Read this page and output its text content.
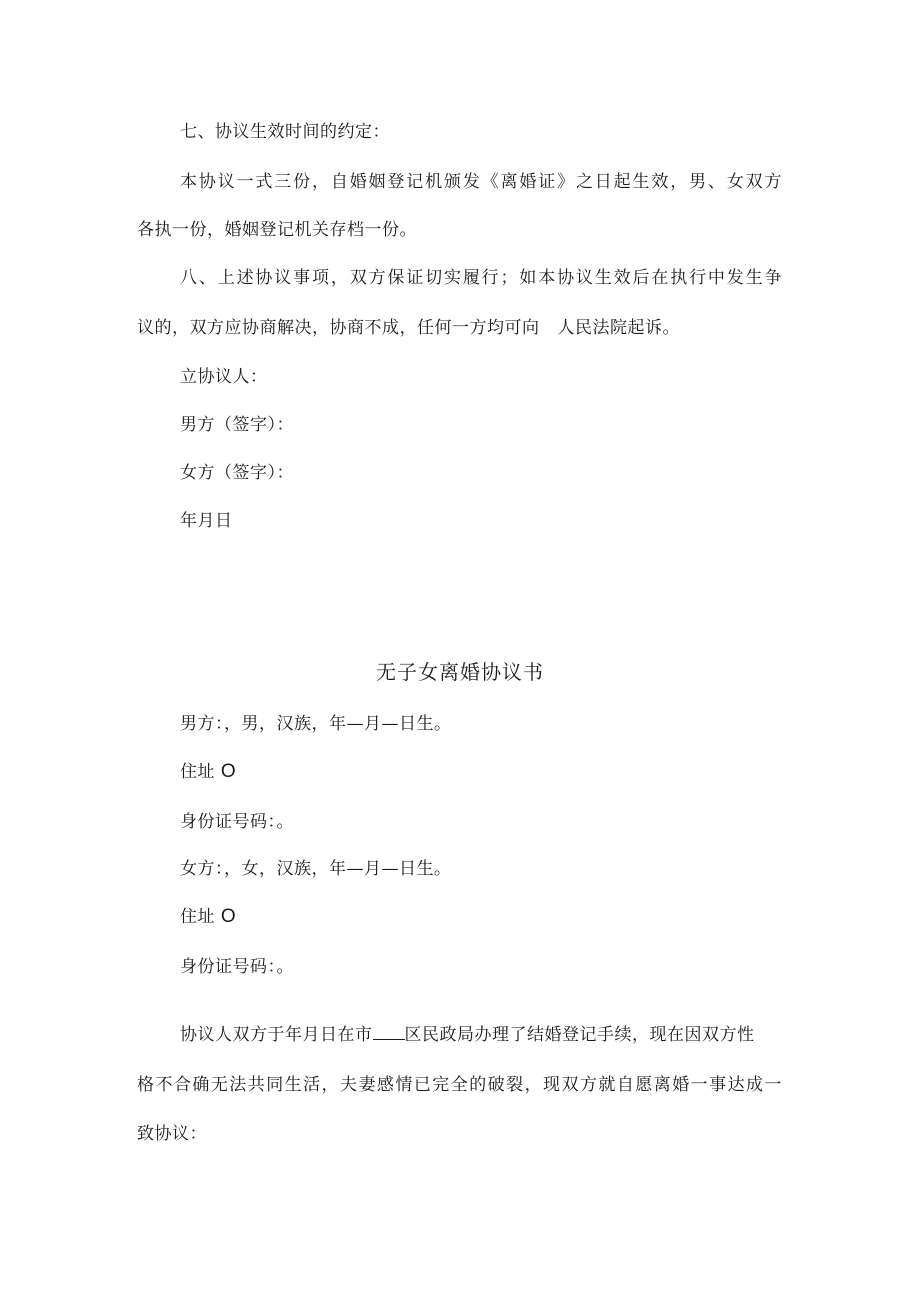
七、协议生效时间的约定：
本协议一式三份，自婚姻登记机颁发《离婚证》之日起生效，男、女双方
各执一份，婚姻登记机关存档一份。
八、上述协议事项，双方保证切实履行；如本协议生效后在执行中发生争
议的，双方应协商解决，协商不成，任何一方均可向 人民法院起诉。
立协议人：
男方（签字）：
女方（签字）：
年月日
无子女离婚协议书
男方：，男，汉族，年—月—日生。
住址 O
身份证号码：。
女方：，女，汉族，年—月—日生。
住址 O
身份证号码：。
协议人双方于年月日在市 区民政局办理了结婚登记手续，现在因双方性
格不合确无法共同生活，夫妻感情已完全的破裂，现双方就自愿离婚一事达成一
致协议：
